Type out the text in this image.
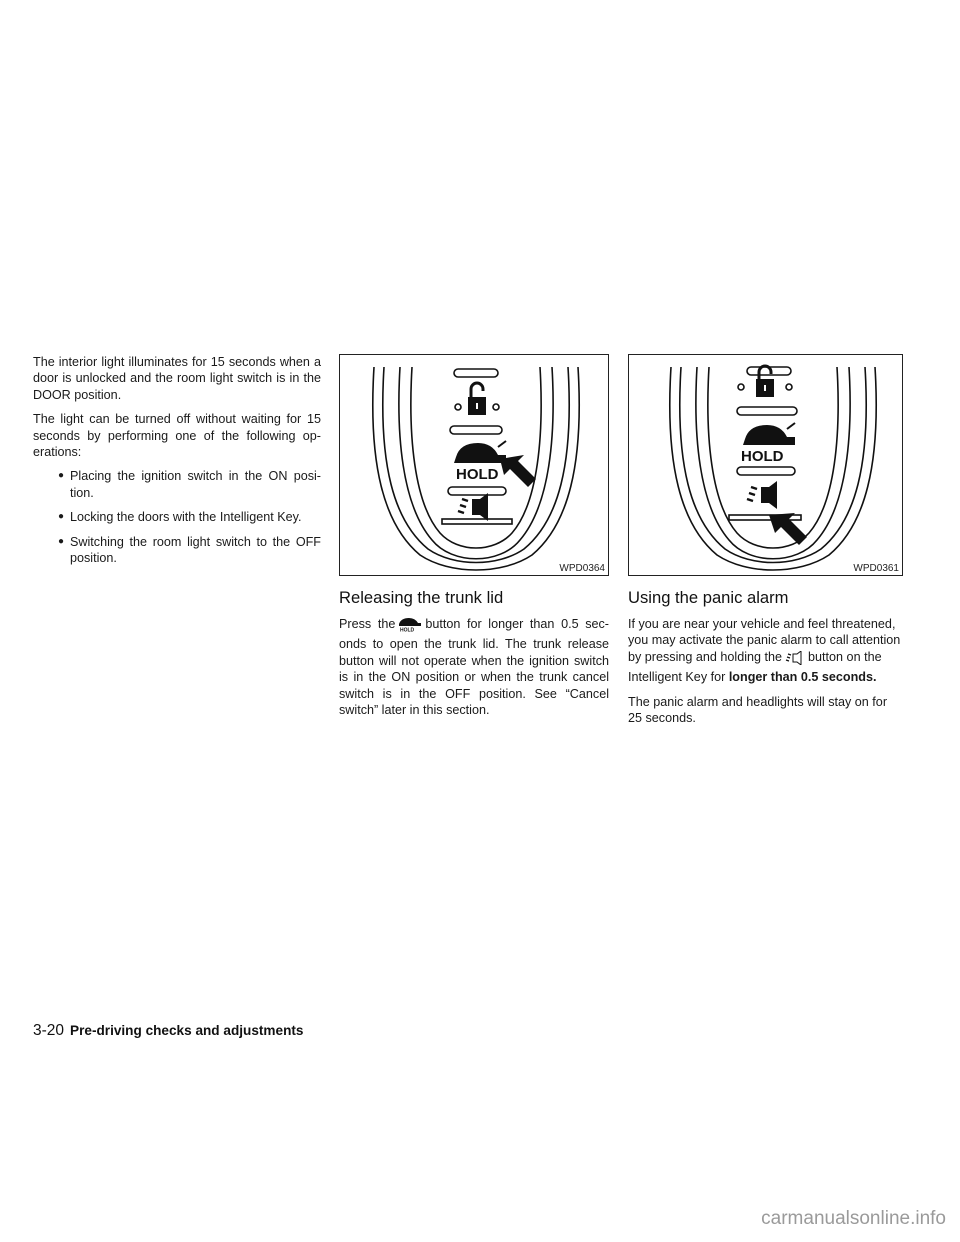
The interior light illuminates for 15 seconds when a door is unlocked and the room light switch is in the DOOR position.

The light can be turned off without waiting for 15 seconds by performing one of the following op-erations:

● Placing the ignition switch in the ON posi-tion.
● Locking the doors with the Intelligent Key.
● Switching the room light switch to the OFF position.
HOLD
WPD0364
Releasing the trunk lid

Press the HOLD button for longer than 0.5 sec-onds to open the trunk lid. The trunk release button will not operate when the ignition switch is in the ON position or when the trunk cancel switch is in the OFF position. See “Cancel switch” later in this section.

HOLD
WPD0361
Using the panic alarm

If you are near your vehicle and feel threatened, you may activate the panic alarm to call attention by pressing and holding the button on the Intelligent Key for longer than 0.5 seconds.

The panic alarm and headlights will stay on for 25 seconds.

3-20 Pre-driving checks and adjustments
carmanualsonline.info
